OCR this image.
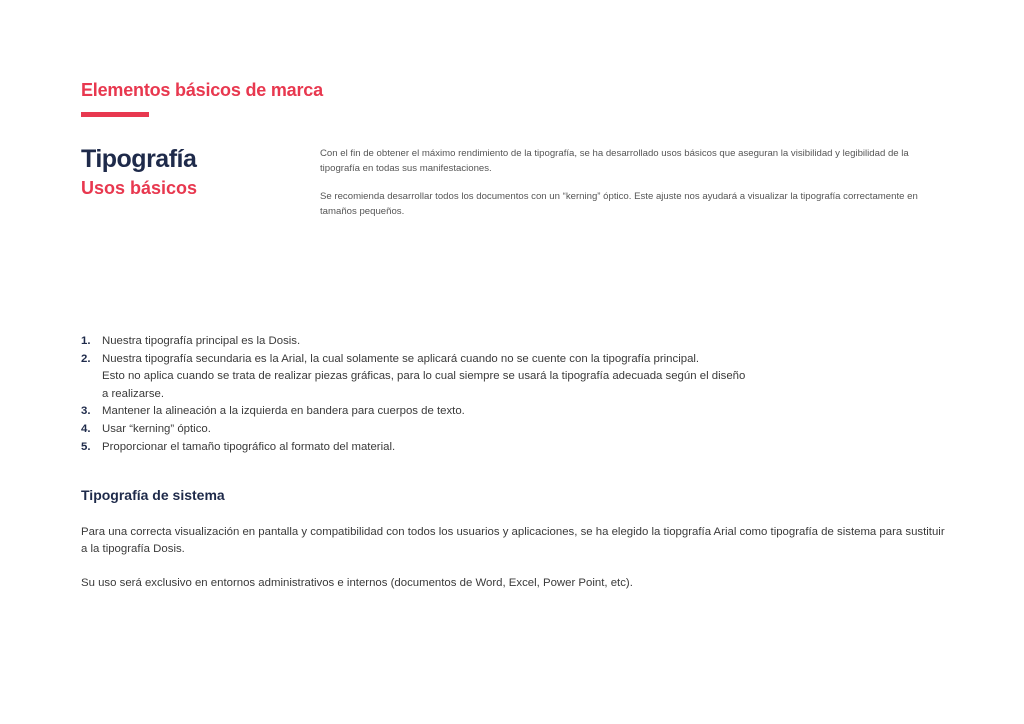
Elementos básicos de marca
Tipografía
Usos básicos

Con el fin de obtener el máximo rendimiento de la tipografía, se ha desarrollado usos básicos que aseguran la visibilidad y legibilidad de la tipografía en todas sus manifestaciones.

Se recomienda desarrollar todos los documentos con un “kerning” óptico. Este ajuste nos ayudará a visualizar la tipografía correctamente en tamaños pequeños.

1. Nuestra tipografía principal es la Dosis.
2. Nuestra tipografía secundaria es la Arial, la cual solamente se aplicará cuando no se cuente con la tipografía principal.
Esto no aplica cuando se trata de realizar piezas gráficas, para lo cual siempre se usará la tipografía adecuada según el diseño
a realizarse.
3. Mantener la alineación a la izquierda en bandera para cuerpos de texto.
4. Usar “kerning” óptico.
5. Proporcionar el tamaño tipográfico al formato del material.
Tipografía de sistema

Para una correcta visualización en pantalla y compatibilidad con todos los usuarios y aplicaciones, se ha elegido la tiopgrafía Arial como tipografía de sistema para sustituir a la tipografía Dosis.

Su uso será exclusivo en entornos administrativos e internos (documentos de Word, Excel, Power Point, etc).
